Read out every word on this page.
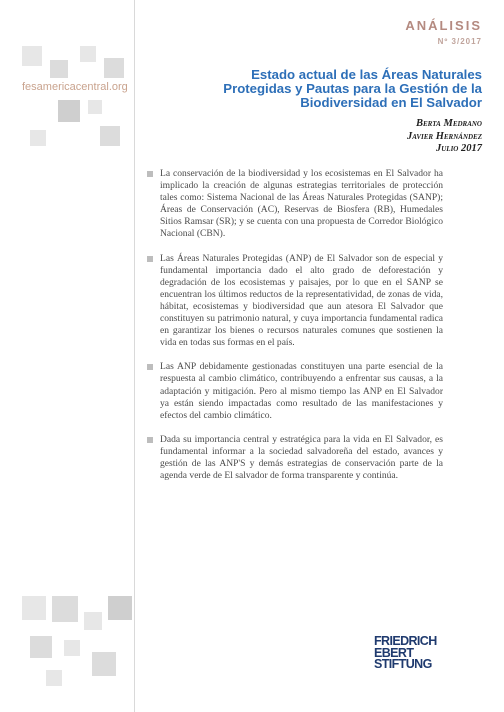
fesamericacentral.org
ANÁLISIS
Nº 3/2017
Estado actual de las Áreas Naturales
Protegidas y Pautas para la Gestión de la
Biodiversidad en El Salvador
Berta Medrano
Javier Hernández
Julio 2017
La conservación de la biodiversidad y los ecosistemas en El Salvador ha implicado la creación de algunas estrategias territoriales de protección tales como: Sistema Nacional de las Áreas Naturales Protegidas (SANP); Áreas de Conservación (AC), Reservas de Biosfera (RB), Humedales Sitios Ramsar (SR); y se cuenta con una propuesta de Corredor Biológico Nacional (CBN).
Las Áreas Naturales Protegidas (ANP) de El Salvador son de especial y fundamental importancia dado el alto grado de deforestación y degradación de los ecosistemas y paisajes, por lo que en el SANP se encuentran los últimos reductos de la representatividad, de zonas de vida, hábitat, ecosistemas y biodiversidad que aun atesora El Salvador que constituyen su patrimonio natural, y cuya importancia fundamental radica en garantizar los bienes o recursos naturales comunes que sostienen la vida en todas sus formas en el país.
Las ANP debidamente gestionadas constituyen una parte esencial de la respuesta al cambio climático, contribuyendo a enfrentar sus causas, a la adaptación y mitigación. Pero al mismo tiempo las ANP en El Salvador ya están siendo impactadas como resultado de las manifestaciones y efectos del cambio climático.
Dada su importancia central y estratégica para la vida en El Salvador, es fundamental informar a la sociedad salvadoreña del estado, avances y gestión de las ANP'S y demás estrategias de conservación parte de la agenda verde de El salvador de forma transparente y continúa.
FRIEDRICH
EBERT
STIFTUNG
